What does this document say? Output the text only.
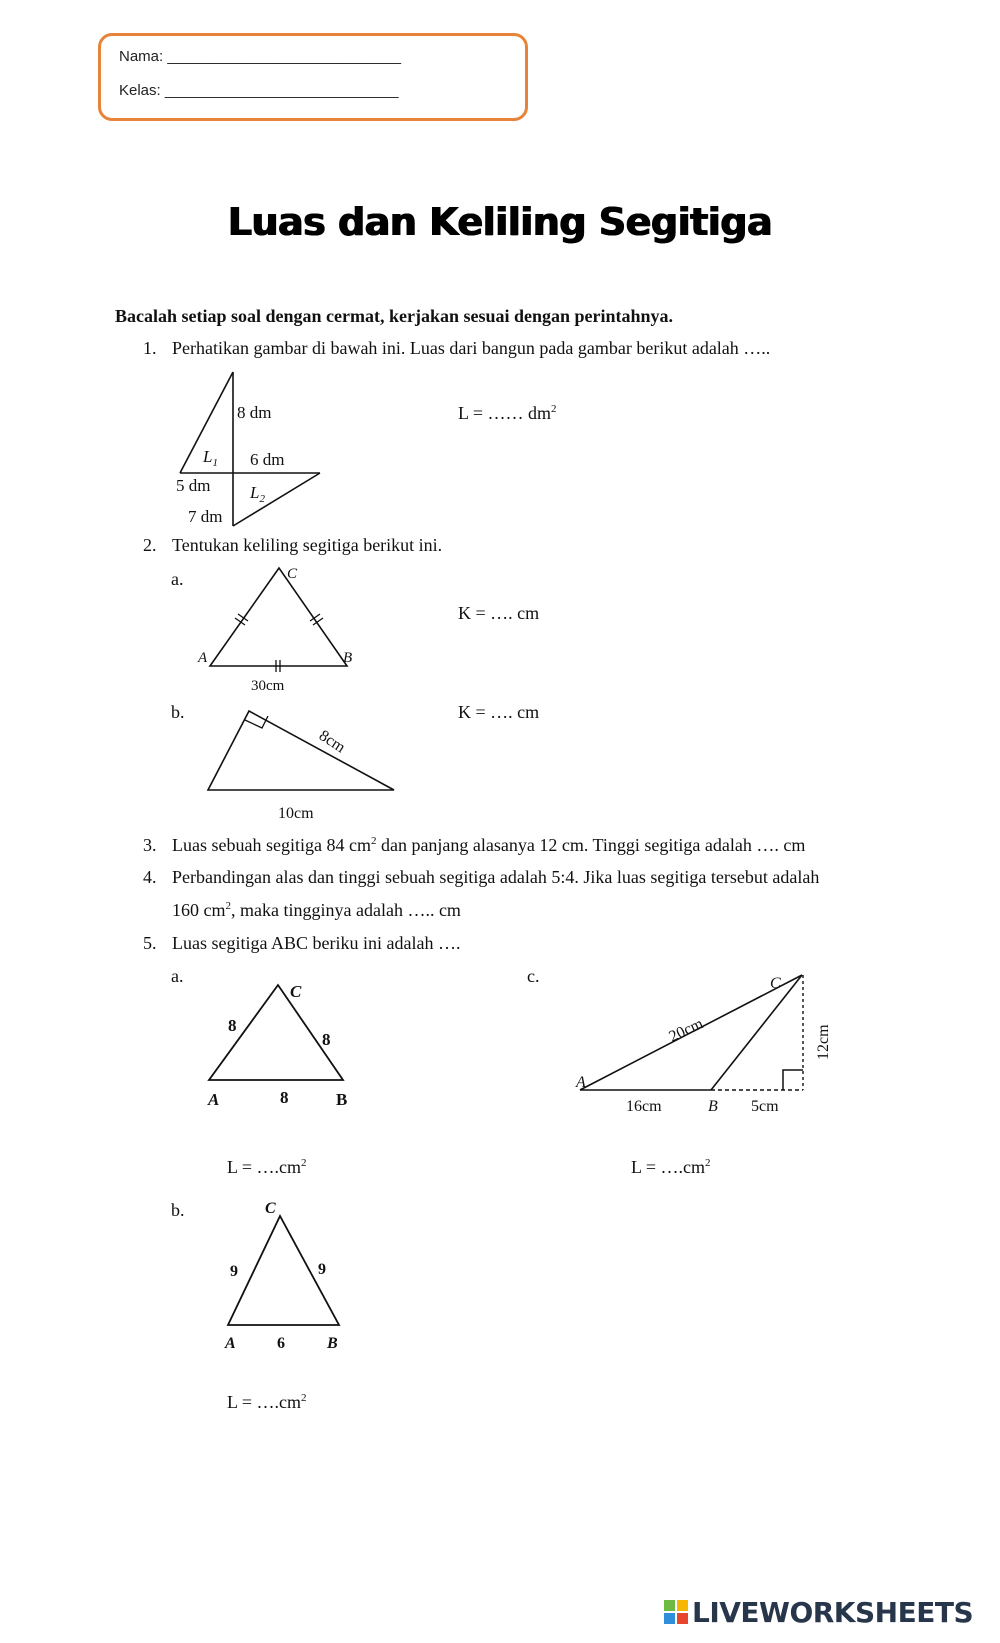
Nama: ____________________________
Kelas: ____________________________
Luas dan Keliling Segitiga
Bacalah setiap soal dengan cermat, kerjakan sesuai dengan perintahnya.
1. Perhatikan gambar di bawah ini. Luas dari bangun pada gambar berikut adalah …..
L = …… $dm^2$
8 dm
$L_1$ 6 dm
5 dm $L_2$
7 dm
2. Tentukan keliling segitiga berikut ini.
a.
K = …. cm
C
A	B
30cm
b.	K = …. cm
8cm
10cm
3. Luas sebuah segitiga 84 $cm^2$ dan panjang alasanya 12 cm. Tinggi segitiga adalah …. cm
4. Perbandingan alas dan tinggi sebuah segitiga adalah 5:4. Jika luas segitiga tersebut adalah
160 $cm^2$, maka tingginya adalah ….. cm
5. Luas segitiga ABC beriku ini adalah ….
a.
C
8
8
A	8	B
$L = \dots.cm^2$
c.	C
20cm	12cm
A
16cm	B 5cm
$L = \dots.cm^2$
b.	C
9	9
A	6	B
$L = \dots.cm^2$
LIVEWORKSHEETS
